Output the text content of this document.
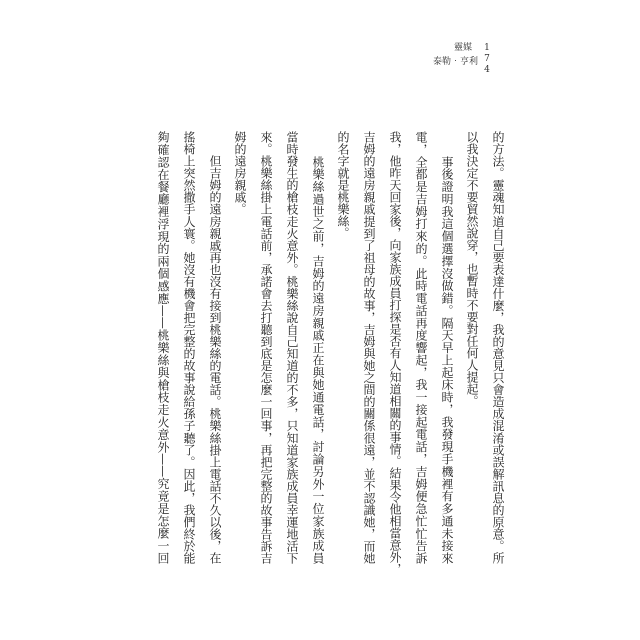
靈媒
泰勒‧亨利 174
的方法。靈魂知道自己要表達什麼，我的意見只會造成混淆或誤解訊息的原意。所
以我決定不要貿然說穿，也暫時不要對任何人提起。
　　事後證明我這個選擇沒做錯。隔天早上起床時，我發現手機裡有多通未接來
電，全都是吉姆打來的。此時電話再度響起，我一接起電話，吉姆便急忙忙告訴
我，他昨天回家後，向家族成員打探是否有人知道相關的事情。結果令他相當意外，
吉姆的遠房親戚提到了祖母的故事，吉姆與她之間的關係很遠，並不認識她，而她
的名字就是桃樂絲。
　　桃樂絲過世之前，吉姆的遠房親戚正在與她通電話，討論另外一位家族成員
當時發生的槍枝走火意外。桃樂絲說自己知道的不多，只知道家族成員幸運地活下
來。桃樂絲掛上電話前，承諾會去打聽到底是怎麼一回事，再把完整的故事告訴吉
姆的遠房親戚。
　　但吉姆的遠房親戚再也沒有接到桃樂絲的電話。桃樂絲掛上電話不久以後，在
搖椅上突然撒手人寰。她沒有機會把完整的故事說給孫子聽了。因此，我們終於能
夠確認在餐廳裡浮現的兩個感應——桃樂絲與槍枝走火意外——究竟是怎麼一回
